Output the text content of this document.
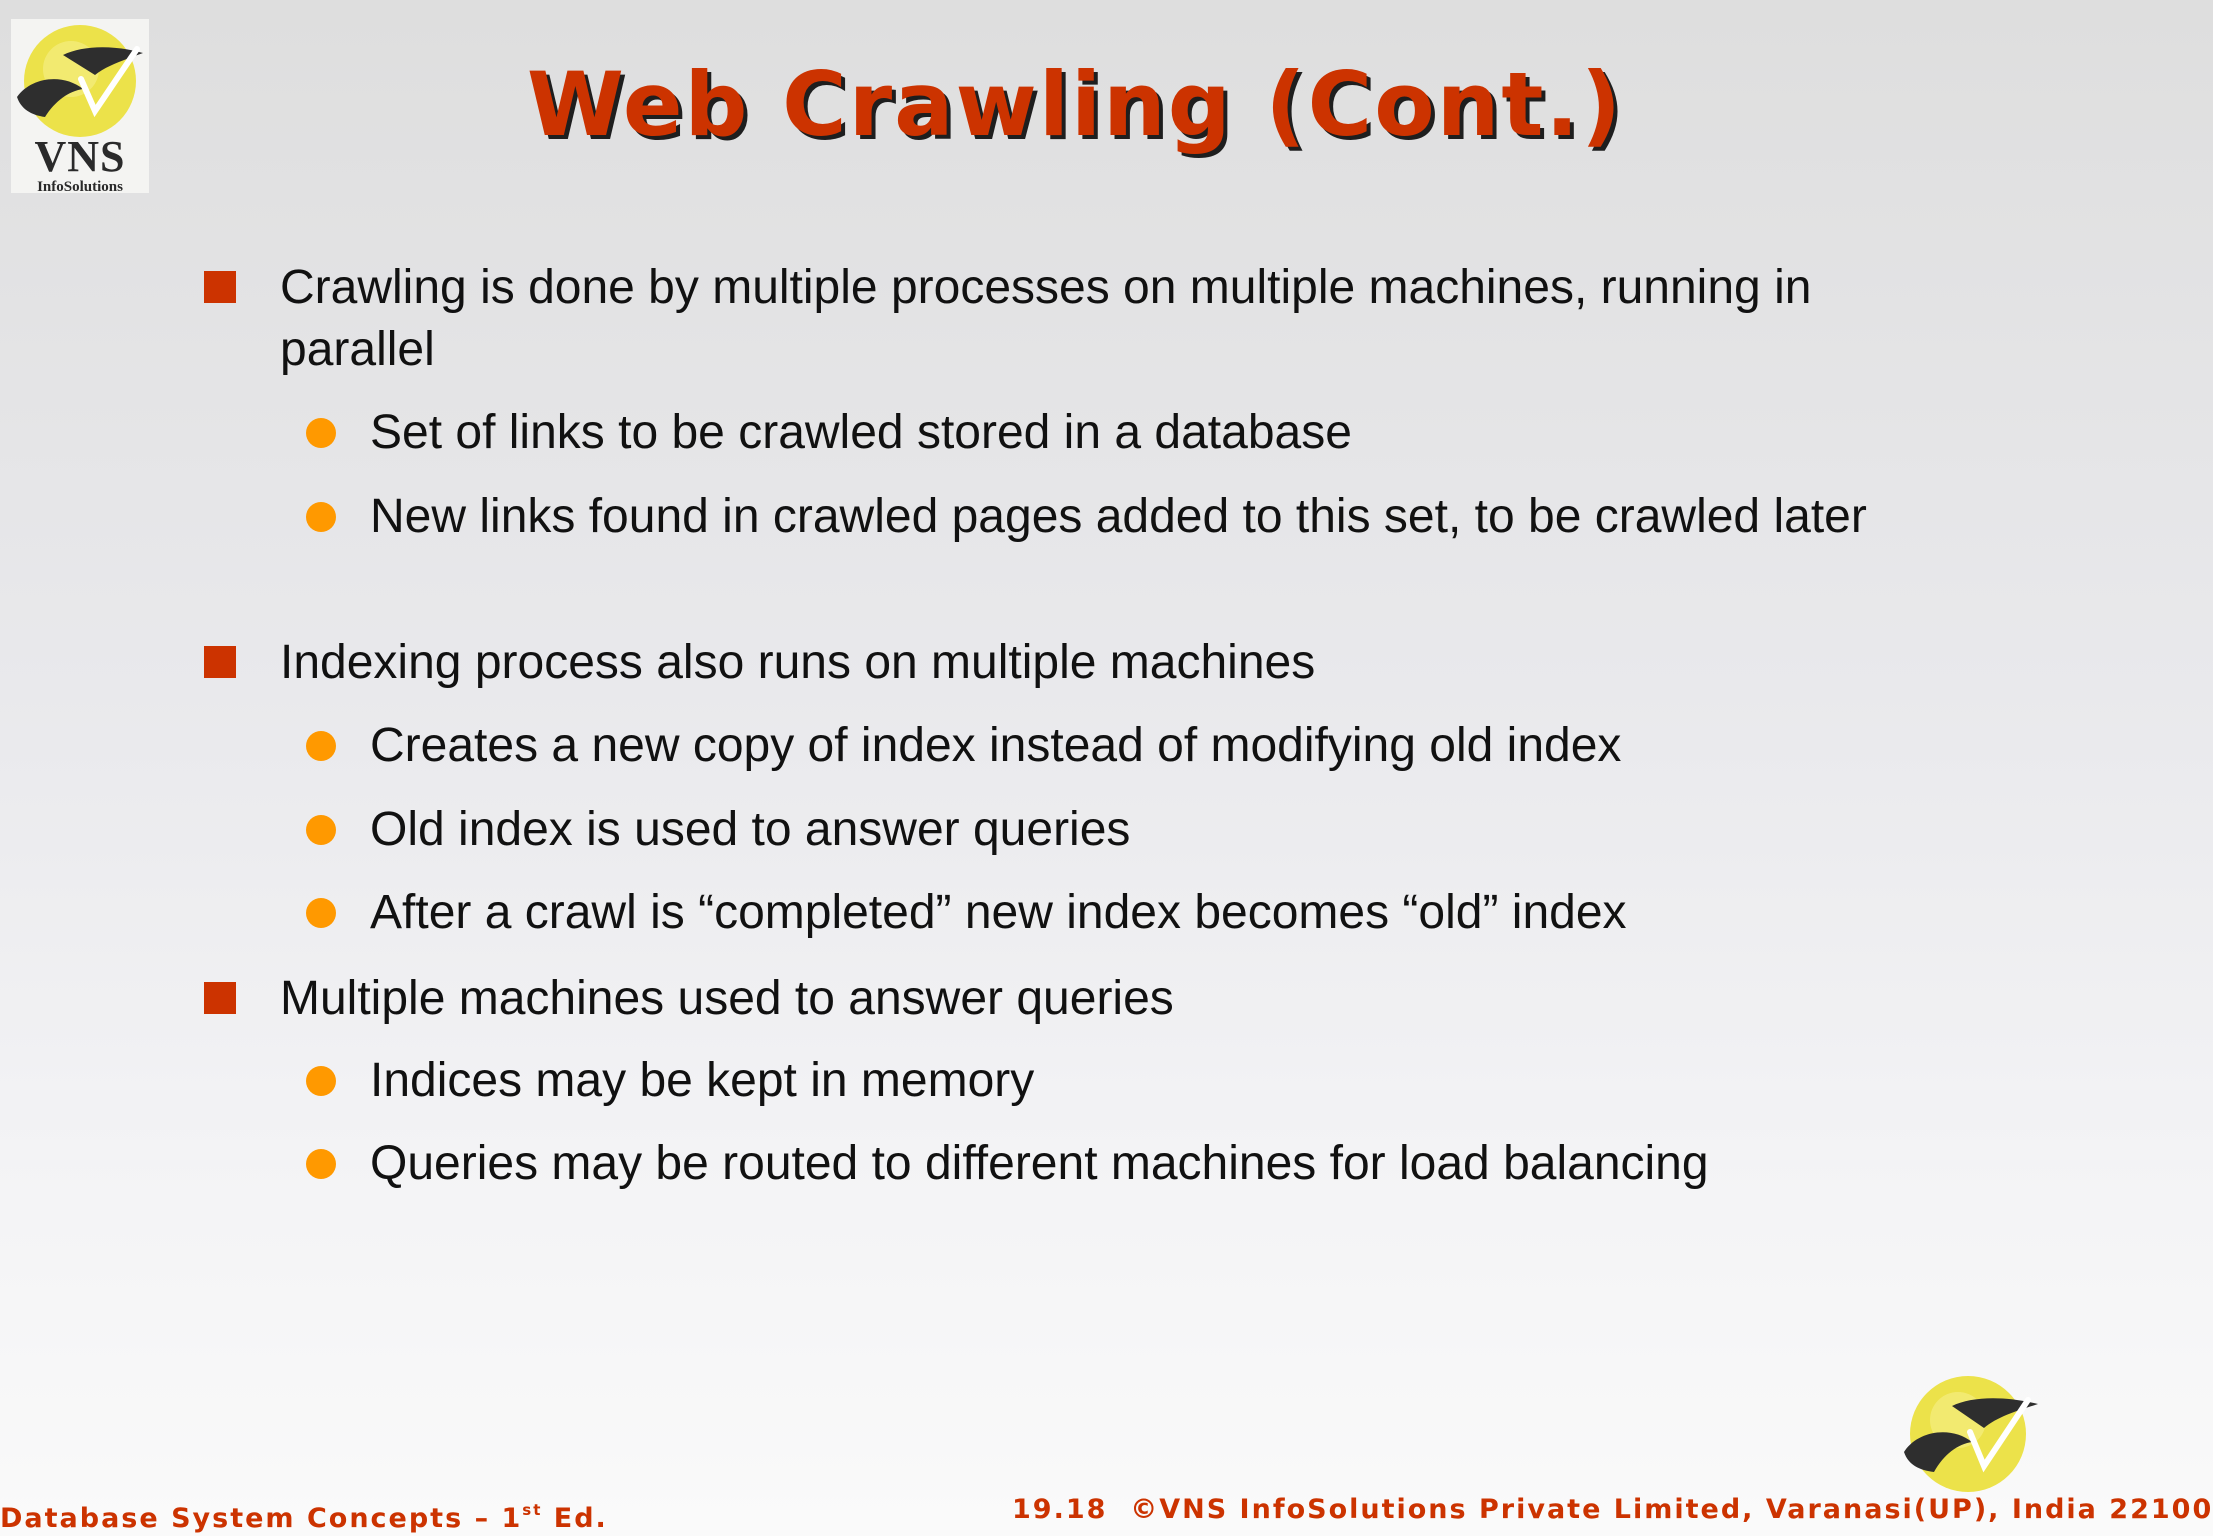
VNS
InfoSolutions
Web Crawling (Cont.)
Crawling is done by multiple processes on multiple machines, running in parallel
Set of links to be crawled stored in a database
New links found in crawled pages added to this set, to be crawled later
Indexing process also runs on multiple machines
Creates a new copy of index instead of modifying old index
Old index is used to answer queries
After a crawl is “completed” new index becomes “old” index
Multiple machines used to answer queries
Indices may be kept in memory
Queries may be routed to different machines for load balancing
Database System Concepts – 1st Ed.	19.18 ©VNS InfoSolutions Private Limited, Varanasi(UP), India 22100
